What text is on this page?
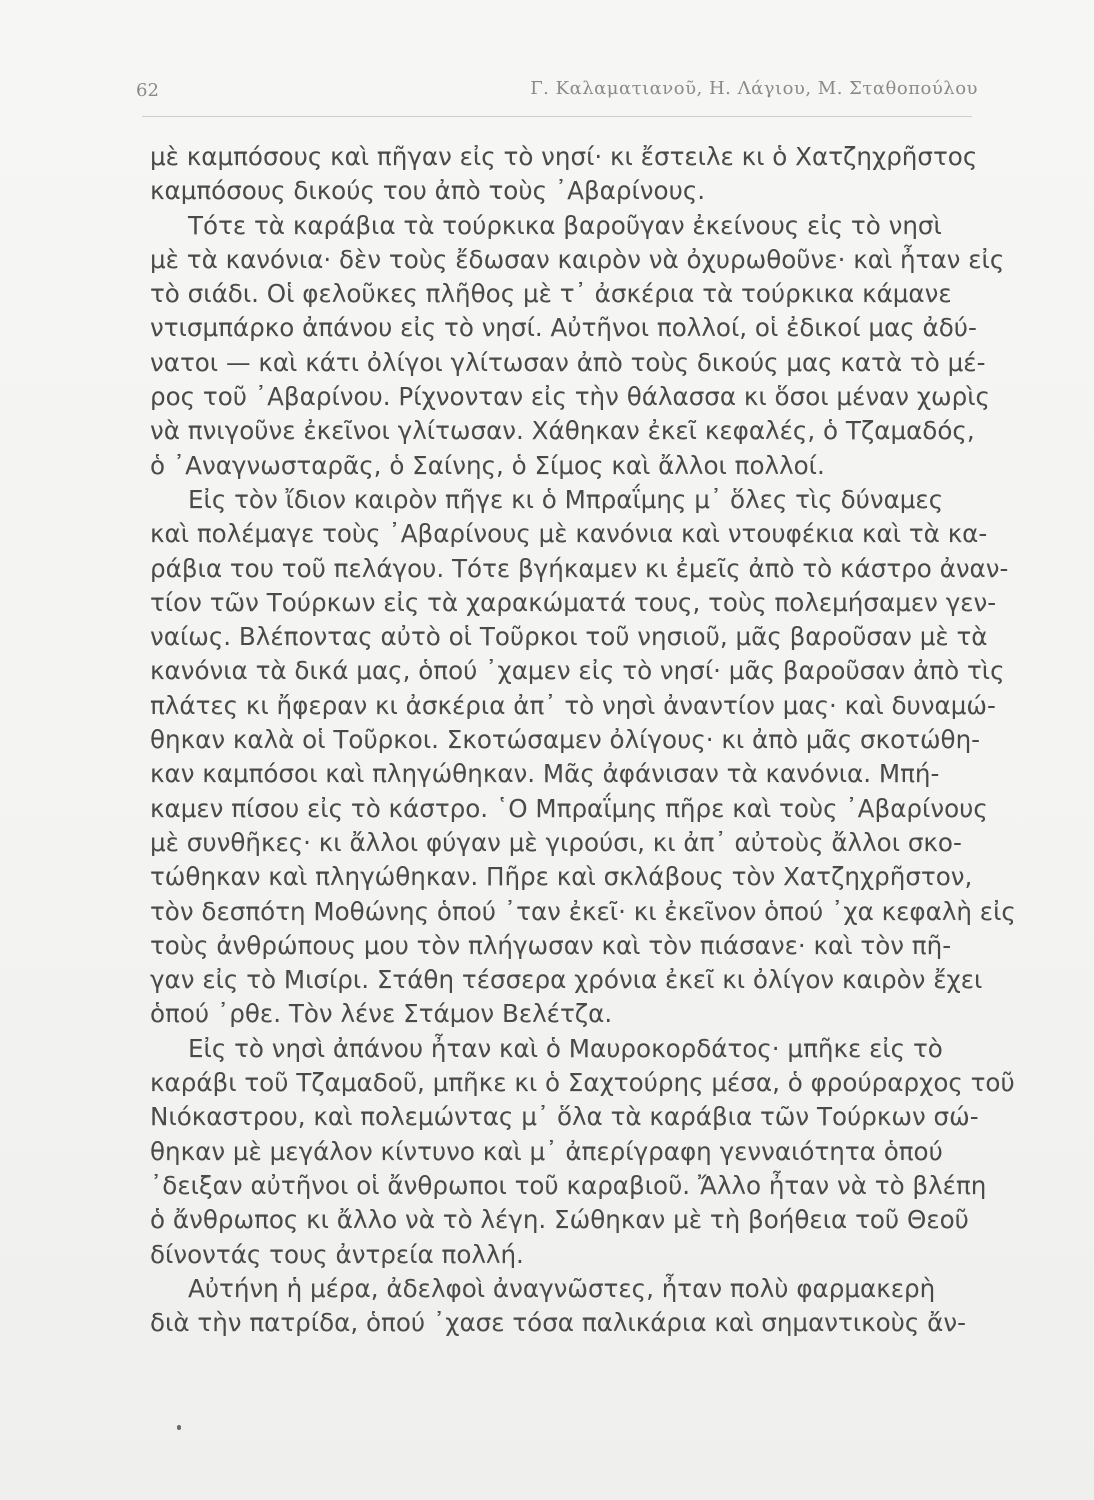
62	Γ. Καλαματιανοῦ, Η. Λάγιου, Μ. Σταθοπούλου
μὲ καμπόσους καὶ πῆγαν εἰς τὸ νησί· κι ἔστειλε κι ὁ Χατζηχρῆστος
καμπόσους δικούς του ἀπὸ τοὺς ᾿Αβαρίνους.
Τότε τὰ καράβια τὰ τούρκικα βαροῦγαν ἐκείνους εἰς τὸ νησὶ
μὲ τὰ κανόνια· δὲν τοὺς ἔδωσαν καιρὸν νὰ ὀχυρωθοῦνε· καὶ ἦταν εἰς
τὸ σιάδι. Οἱ φελοῦκες πλῆθος μὲ τ᾿ ἀσκέρια τὰ τούρκικα κάμανε
ντισμπάρκο ἀπάνου εἰς τὸ νησί. Αὐτῆνοι πολλοί, οἱ ἐδικοί μας ἀδύ-
νατοι — καὶ κάτι ὀλίγοι γλίτωσαν ἀπὸ τοὺς δικούς μας κατὰ τὸ μέ-
ρος τοῦ ᾿Αβαρίνου. Ρίχνονταν εἰς τὴν θάλασσα κι ὅσοι μέναν χωρὶς
νὰ πνιγοῦνε ἐκεῖνοι γλίτωσαν. Χάθηκαν ἐκεῖ κεφαλές, ὁ Τζαμαδός,
ὁ ᾿Αναγνωσταρᾶς, ὁ Σαίνης, ὁ Σίμος καὶ ἄλλοι πολλοί.
Εἰς τὸν ἴδιον καιρὸν πῆγε κι ὁ Μπραΐμης μ᾿ ὅλες τὶς δύναμες
καὶ πολέμαγε τοὺς ᾿Αβαρίνους μὲ κανόνια καὶ ντουφέκια καὶ τὰ κα-
ράβια του τοῦ πελάγου. Τότε βγήκαμεν κι ἐμεῖς ἀπὸ τὸ κάστρο ἀναν-
τίον τῶν Τούρκων εἰς τὰ χαρακώματά τους, τοὺς πολεμήσαμεν γεν-
ναίως. Βλέποντας αὐτὸ οἱ Τοῦρκοι τοῦ νησιοῦ, μᾶς βαροῦσαν μὲ τὰ
κανόνια τὰ δικά μας, ὁπού ᾿χαμεν εἰς τὸ νησί· μᾶς βαροῦσαν ἀπὸ τὶς
πλάτες κι ἤφεραν κι ἀσκέρια ἀπ᾿ τὸ νησὶ ἀναντίον μας· καὶ δυναμώ-
θηκαν καλὰ οἱ Τοῦρκοι. Σκοτώσαμεν ὀλίγους· κι ἀπὸ μᾶς σκοτώθη-
καν καμπόσοι καὶ πληγώθηκαν. Μᾶς ἀφάνισαν τὰ κανόνια. Μπή-
καμεν πίσου εἰς τὸ κάστρο. ῾Ο Μπραΐμης πῆρε καὶ τοὺς ᾿Αβαρίνους
μὲ συνθῆκες· κι ἄλλοι φύγαν μὲ γιρούσι, κι ἀπ᾿ αὐτοὺς ἄλλοι σκο-
τώθηκαν καὶ πληγώθηκαν. Πῆρε καὶ σκλάβους τὸν Χατζηχρῆστον,
τὸν δεσπότη Μοθώνης ὁπού ᾿ταν ἐκεῖ· κι ἐκεῖνον ὁπού ᾿χα κεφαλὴ εἰς
τοὺς ἀνθρώπους μου τὸν πλήγωσαν καὶ τὸν πιάσανε· καὶ τὸν πῆ-
γαν εἰς τὸ Μισίρι. Στάθη τέσσερα χρόνια ἐκεῖ κι ὀλίγον καιρὸν ἔχει
ὁπού ᾿ρθε. Τὸν λένε Στάμον Βελέτζα.
Εἰς τὸ νησὶ ἀπάνου ἦταν καὶ ὁ Μαυροκορδάτος· μπῆκε εἰς τὸ
καράβι τοῦ Τζαμαδοῦ, μπῆκε κι ὁ Σαχτούρης μέσα, ὁ φρούραρχος τοῦ
Νιόκαστρου, καὶ πολεμώντας μ᾿ ὅλα τὰ καράβια τῶν Τούρκων σώ-
θηκαν μὲ μεγάλον κίντυνο καὶ μ᾿ ἀπερίγραφη γενναιότητα ὁπού
᾿δειξαν αὐτῆνοι οἱ ἄνθρωποι τοῦ καραβιοῦ. Ἄλλο ἦταν νὰ τὸ βλέπη
ὁ ἄνθρωπος κι ἄλλο νὰ τὸ λέγη. Σώθηκαν μὲ τὴ βοήθεια τοῦ Θεοῦ
δίνοντάς τους ἀντρεία πολλή.
Αὐτήνη ἡ μέρα, ἀδελφοὶ ἀναγνῶστες, ἦταν πολὺ φαρμακερὴ
διὰ τὴν πατρίδα, ὁπού ᾿χασε τόσα παλικάρια καὶ σημαντικοὺς ἄν-
